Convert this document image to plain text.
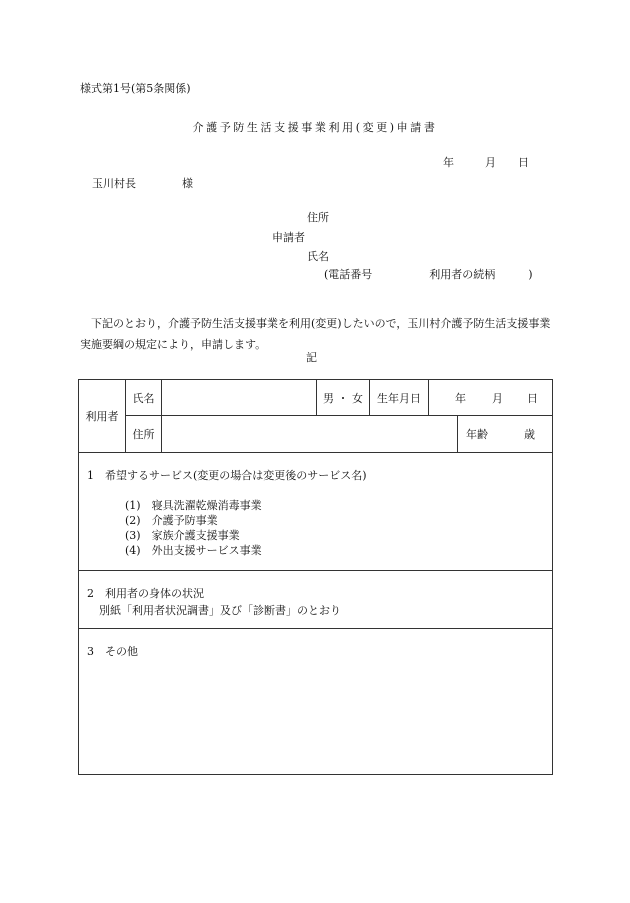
様式第1号(第5条関係)
介護予防生活支援事業利用(変更)申請書
年	月 日
玉川村長	様
住所
申請者
氏名
(電話番号	利用者の続柄	)
下記のとおり，介護予防生活支援事業を利用(変更)したいので，玉川村介護予防生活支援事業実施要綱の規定により，申請します。
記
利用者	氏名		男 ・ 女	生年月日	年 月 日	
	住所					年齢 歳

1　希望するサービス(変更の場合は変更後のサービス名)
(1)　寝具洗濯乾燥消毒事業
(2)　介護予防事業
(3)　家族介護支援事業
(4)　外出支援サービス事業						

2　利用者の身体の状況
別紙「利用者状況調書」及び「診断書」のとおり						

3　その他						
